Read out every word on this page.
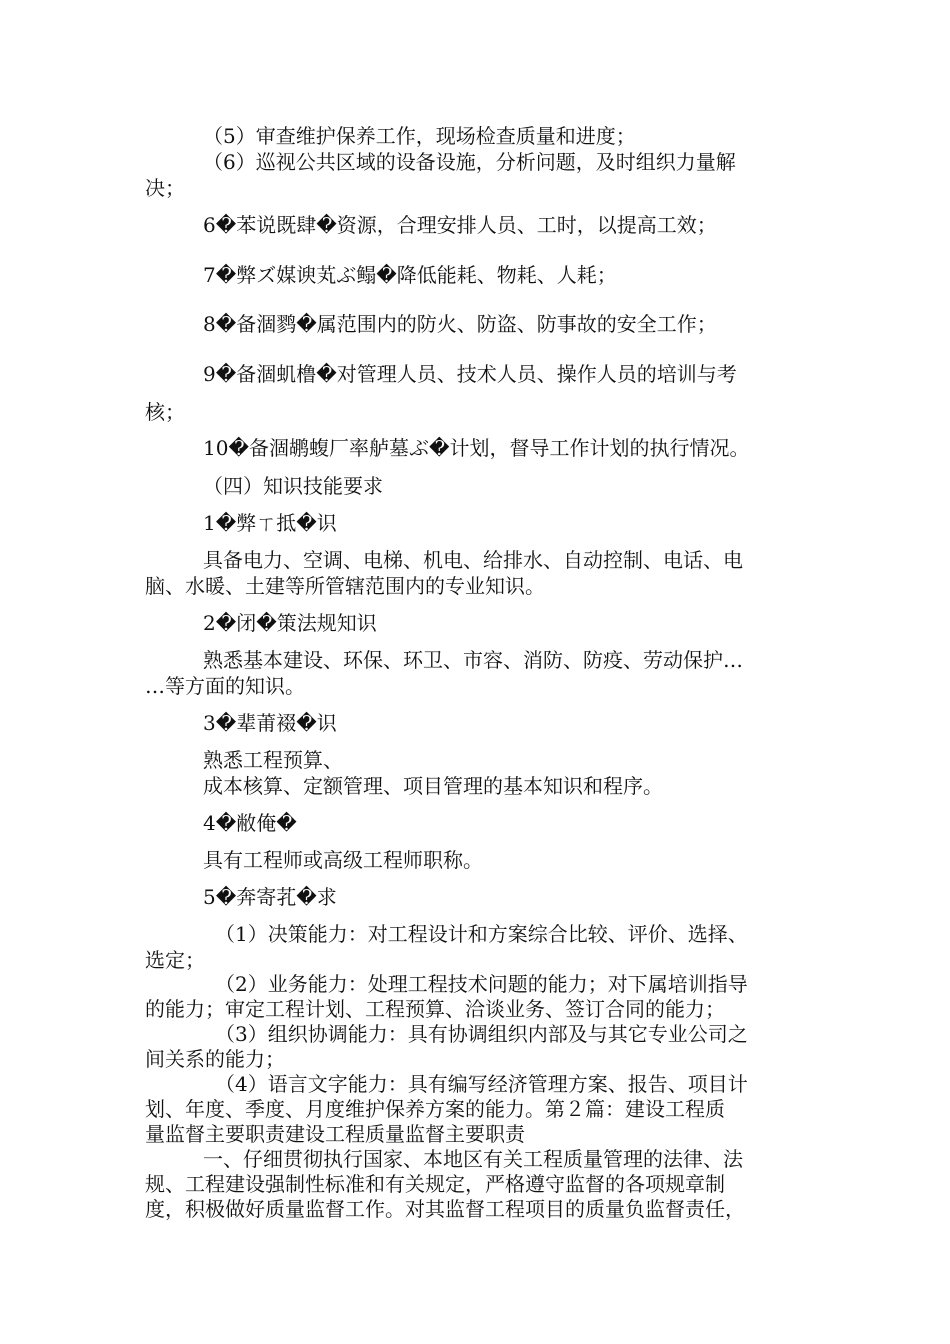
（5）审查维护保养工作，现场检查质量和进度；
（6）巡视公共区域的设备设施，分析问题，及时组织力量解
决；
6�苯说既肆�资源，合理安排人员、工时，以提高工效；
7�弊ズ媒谀芄ぶ鳎�降低能耗、物耗、人耗；
8�备涸鹨�属范围内的防火、防盗、防事故的安全工作；
9�备涸虮橹�对管理人员、技术人员、操作人员的培训与考
核；
10�备涸鹕蝮厂率舻墓ぶ�计划，督导工作计划的执行情况。
（四）知识技能要求
1�弊ㄒ抵�识
具备电力、空调、电梯、机电、给排水、自动控制、电话、电
脑、水暖、土建等所管辖范围内的专业知识。
2�闭�策法规知识
熟悉基本建设、环保、环卫、市容、消防、防疫、劳动保护…
…等方面的知识。
3�辈莆裰�识
熟悉工程预算、
成本核算、定额管理、项目管理的基本知识和程序。
4�敝俺�
具有工程师或高级工程师职称。
5�奔寄芤�求
（1）决策能力：对工程设计和方案综合比较、评价、选择、
选定；
（2）业务能力：处理工程技术问题的能力；对下属培训指导
的能力；审定工程计划、工程预算、洽谈业务、签订合同的能力；
（3）组织协调能力：具有协调组织内部及与其它专业公司之
间关系的能力；
（4）语言文字能力：具有编写经济管理方案、报告、项目计
划、年度、季度、月度维护保养方案的能力。第２篇：建设工程质
量监督主要职责建设工程质量监督主要职责
一、仔细贯彻执行国家、本地区有关工程质量管理的法律、法
规、工程建设强制性标准和有关规定，严格遵守监督的各项规章制
度，积极做好质量监督工作。对其监督工程项目的质量负监督责任，
